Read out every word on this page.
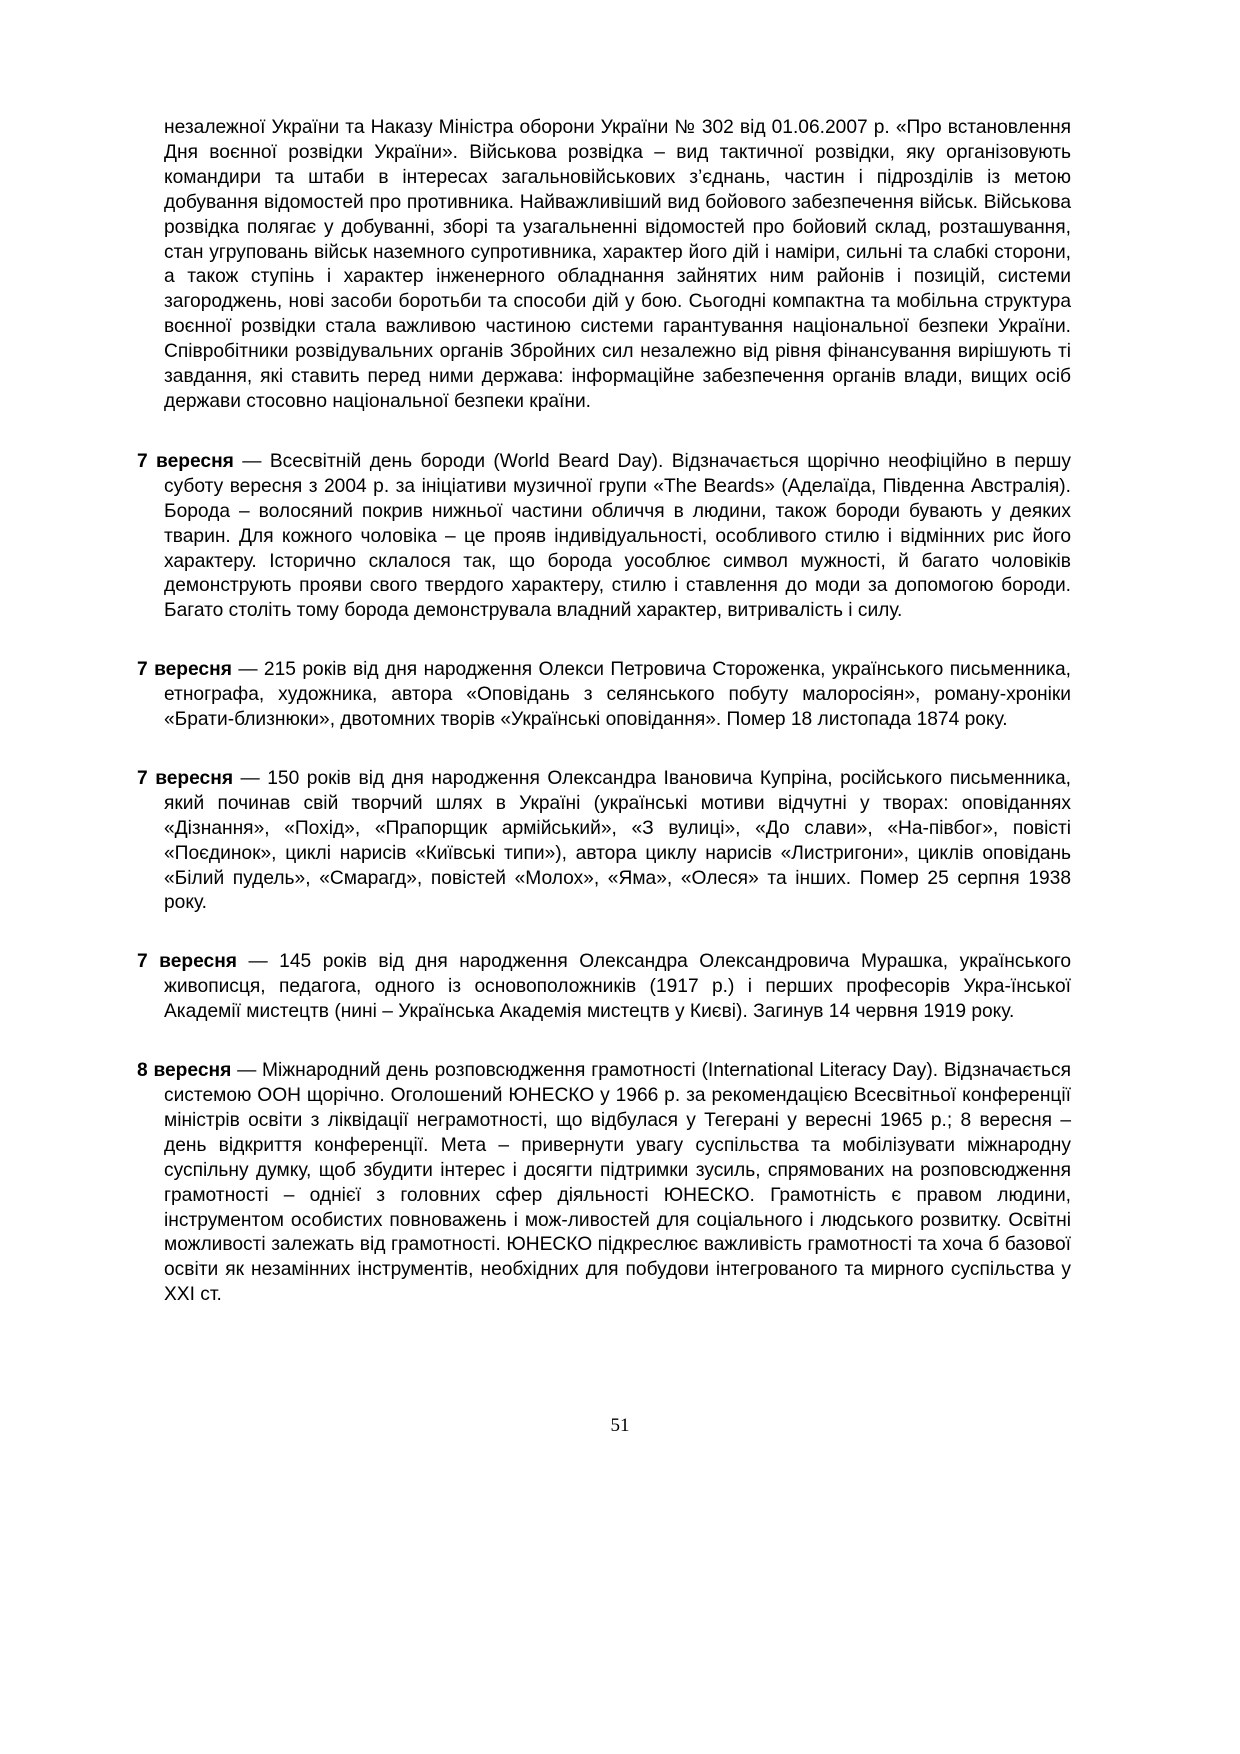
незалежної України та Наказу Міністра оборони України № 302 від 01.06.2007 р. «Про встановлення Дня воєнної розвідки України». Військова розвідка – вид тактичної розвідки, яку організовують командири та штаби в інтересах загальновійськових з’єднань, частин і підрозділів із метою добування відомостей про противника. Найважливіший вид бойового забезпечення військ. Військова розвідка полягає у добуванні, зборі та узагальненні відомостей про бойовий склад, розташування, стан угруповань військ наземного супротивника, характер його дій і наміри, сильні та слабкі сторони, а також ступінь і характер інженерного обладнання зайнятих ним районів і позицій, системи загороджень, нові засоби боротьби та способи дій у бою. Сьогодні компактна та мобільна структура воєнної розвідки стала важливою частиною системи гарантування національної безпеки України. Співробітники розвідувальних органів Збройних сил незалежно від рівня фінансування вирішують ті завдання, які ставить перед ними держава: інформаційне забезпечення органів влади, вищих осіб держави стосовно національної безпеки країни.

7 вересня — Всесвітній день бороди (World Beard Day). Відзначається щорічно неофіційно в першу суботу вересня з 2004 р. за ініціативи музичної групи «The Beards» (Аделаїда, Південна Австралія). Борода – волосяний покрив нижньої частини обличчя в людини, також бороди бувають у деяких тварин. Для кожного чоловіка – це прояв індивідуальності, особливого стилю і відмінних рис його характеру. Історично склалося так, що борода уособлює символ мужності, й багато чоловіків демонструють прояви свого твердого характеру, стилю і ставлення до моди за допомогою бороди. Багато століть тому борода демонструвала владний характер, витривалість і силу.

7 вересня — 215 років від дня народження Олекси Петровича Стороженка, українського письменника, етнографа, художника, автора «Оповідань з селянського побуту малоросіян», роману-хроніки «Брати-близнюки», двотомних творів «Українські оповідання». Помер 18 листопада 1874 року.

7 вересня — 150 років від дня народження Олександра Івановича Купріна, російського письменника, який починав свій творчий шлях в Україні (українські мотиви відчутні у творах: оповіданнях «Дізнання», «Похід», «Прапорщик армійський», «З вулиці», «До слави», «На-півбог», повісті «Поєдинок», циклі нарисів «Київські типи»), автора циклу нарисів «Листригони», циклів оповідань «Білий пудель», «Смарагд», повістей «Молох», «Яма», «Олеся» та інших. Помер 25 серпня 1938 року.

7 вересня — 145 років від дня народження Олександра Олександровича Мурашка, українського живописця, педагога, одного із основоположників (1917 р.) і перших професорів Укра-їнської Академії мистецтв (нині – Українська Академія мистецтв у Києві). Загинув 14 червня 1919 року.

8 вересня — Міжнародний день розповсюдження грамотності (International Literacy Day). Відзначається системою ООН щорічно. Оголошений ЮНЕСКО у 1966 р. за рекомендацією Всесвітньої конференції міністрів освіти з ліквідації неграмотності, що відбулася у Тегерані у вересні 1965 р.; 8 вересня – день відкриття конференції. Мета – привернути увагу суспільства та мобілізувати міжнародну суспільну думку, щоб збудити інтерес і досягти підтримки зусиль, спрямованих на розповсюдження грамотності – однієї з головних сфер діяльності ЮНЕСКО. Грамотність є правом людини, інструментом особистих повноважень і мож-ливостей для соціального і людського розвитку. Освітні можливості залежать від грамотності. ЮНЕСКО підкреслює важливість грамотності та хоча б базової освіти як незамінних інструментів, необхідних для побудови інтегрованого та мирного суспільства у XXI ст.

51
